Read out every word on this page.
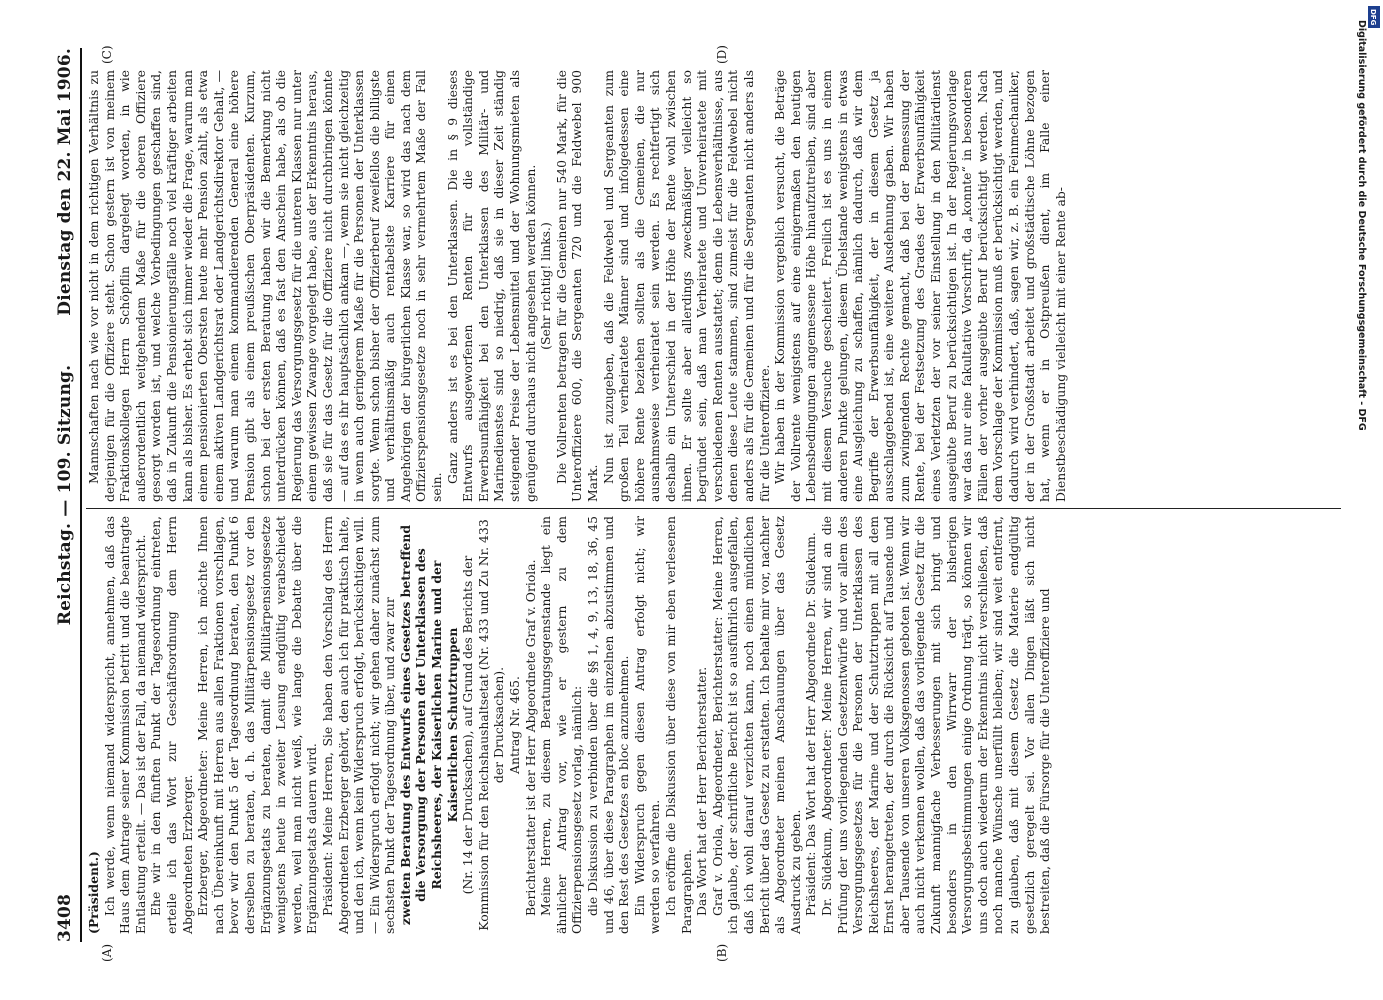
3408
Reichstag. — 109. Sitzung.
Dienstag den 22. Mai 1906.
(A)	(B)
(C)	(D)

(Präsident.) Ich werde, wenn niemand widerspricht, annehmen, daß das Haus dem Antrage seiner Kommission betritt und die beantragte Entlastung erteilt. — Das ist der Fall, da niemand widerspricht. Ehe wir in den fünften Punkt der Tagesordnung eintreten, erteile ich das Wort zur Geschäftsordnung dem Herrn Abgeordneten Erzberger. Erzberger, Abgeordneter: Meine Herren, ich möchte Ihnen nach Übereinkunft mit Herren aus allen Fraktionen vorschlagen, bevor wir den Punkt 5 der Tagesordnung beraten, den Punkt 6 derselben zu beraten, d. h. das Militärpensionsgesetz vor den Ergänzungsetats zu beraten, damit die Militärpensionsgesetze wenigstens heute in zweiter Lesung endgültig verabschiedet werden, weil man nicht weiß, wie lange die Debatte über die Ergänzungsetats dauern wird. Präsident: Meine Herren, Sie haben den Vorschlag des Herrn Abgeordneten Erzberger gehört, den auch ich für praktisch halte, und den ich, wenn kein Widerspruch erfolgt, berücksichtigen will. — Ein Widerspruch erfolgt nicht; wir gehen daher zunächst zum sechsten Punkt der Tagesordnung über, und zwar zur zweiten Beratung des Entwurfs eines Gesetzes betreffend die Versorgung der Personen der Unterklassen des Reichsheeres, der Kaiserlichen Marine und der Kaiserlichen Schutztruppen (Nr. 14 der Drucksachen), auf Grund des Berichts der Kommission für den Reichshaushaltsetat (Nr. 433 und Zu Nr. 433 der Drucksachen). Antrag Nr. 465. Berichterstatter ist der Herr Abgeordnete Graf v. Oriola. Meine Herren, zu diesem Beratungsgegenstande liegt ein ähnlicher Antrag vor, wie er gestern zu dem Offizierpensionsgesetz vorlag, nämlich: die Diskussion zu verbinden über die §§ 1, 4, 9, 13, 18, 36, 45 und 46, über diese Paragraphen im einzelnen abzustimmen und den Rest des Gesetzes en bloc anzunehmen. Ein Widerspruch gegen diesen Antrag erfolgt nicht; wir werden so verfahren. Ich eröffne die Diskussion über diese von mir eben verlesenen Paragraphen. Das Wort hat der Herr Berichterstatter. Graf v. Oriola, Abgeordneter, Berichterstatter: Meine Herren, ich glaube, der schriftliche Bericht ist so ausführlich ausgefallen, daß ich wohl darauf verzichten kann, noch einen mündlichen Bericht über das Gesetz zu erstatten. Ich behalte mir vor, nachher als Abgeordneter meinen Anschauungen über das Gesetz Ausdruck zu geben. Präsident: Das Wort hat der Herr Abgeordnete Dr. Südekum. Dr. Südekum, Abgeordneter: Meine Herren, wir sind an die Prüfung der uns vorliegenden Gesetzentwürfe und vor allem des Versorgungsgesetzes für die Personen der Unterklassen des Reichsheeres, der Marine und der Schutztruppen mit all dem Ernst herangetreten, der durch die Rücksicht auf Tausende und aber Tausende von unseren Volksgenossen geboten ist. Wenn wir auch nicht verkennen wollen, daß das vorliegende Gesetz für die Zukunft mannigfache Verbesserungen mit sich bringt und besonders in den Wirrwarr der bisherigen Versorgungsbestimmungen einige Ordnung trägt, so können wir uns doch auch wiederum der Erkenntnis nicht verschließen, daß noch manche Wünsche unerfüllt bleiben; wir sind weit entfernt, zu glauben, daß mit diesem Gesetz die Materie endgültig gesetzlich geregelt sei. Vor allen Dingen läßt sich nicht bestreiten, daß die Fürsorge für die Unteroffiziere und

Mannschaften nach wie vor nicht in dem richtigen Verhältnis zu derjenigen für die Offiziere steht. Schon gestern ist von meinem Fraktionskollegen Herrn Schöpflin dargelegt worden, in wie außerordentlich weitgehendem Maße für die oberen Offiziere gesorgt worden ist, und welche Vorbedingungen geschaffen sind, daß in Zukunft die Pensionierungsfälle noch viel kräftiger arbeiten kann als bisher. Es erhebt sich immer wieder die Frage, warum man einem pensionierten Obersten heute mehr Pension zahlt, als etwa einem aktiven Landgerichtsrat oder Landgerichtsdirektor Gehalt, — und warum man einem kommandierenden General eine höhere Pension gibt als einem preußischen Oberpräsidenten. Kurzum, schon bei der ersten Beratung haben wir die Bemerkung nicht unterdrücken können, daß es fast den Anschein habe, als ob die Regierung das Versorgungsgesetz für die unteren Klassen nur unter einem gewissen Zwange vorgelegt habe, aus der Erkenntnis heraus, daß sie für das Gesetz für die Offiziere nicht durchbringen könnte — auf das es ihr hauptsächlich ankam —, wenn sie nicht gleichzeitig in wenn auch geringerem Maße für die Personen der Unterklassen sorgte. Wenn schon bisher der Offizierberuf zweifellos die billigste und verhältnismäßig auch rentabelste Karriere für einen Angehörigen der bürgerlichen Klasse war, so wird das nach dem Offizierspensionsgesetze noch in sehr vermehrtem Maße der Fall sein.

Ganz anders ist es bei den Unterklassen. Die in § 9 dieses Entwurfs ausgeworfenen Renten für die vollständige Erwerbsunfähigkeit bei den Unterklassen des Militär- und Marinedienstes sind so niedrig, daß sie in dieser Zeit ständig steigender Preise der Lebensmittel und der Wohnungsmieten als genügend durchaus nicht angesehen werden können. (Sehr richtig! links.) Die Vollrenten betragen für die Gemeinen nur 540 Mark, für die Unteroffiziere 600, die Sergeanten 720 und die Feldwebel 900 Mark. Nun ist zuzugeben, daß die Feldwebel und Sergeanten zum großen Teil verheiratete Männer sind und infolgedessen eine höhere Rente beziehen sollten als die Gemeinen, die nur ausnahmsweise verheiratet sein werden. Es rechtfertigt sich deshalb ein Unterschied in der Höhe der Rente wohl zwischen ihnen. Er sollte aber allerdings zweckmäßiger vielleicht so begründet sein, daß man Verheiratete und Unverheiratete mit verschiedenen Renten ausstattet; denn die Lebensverhältnisse, aus denen diese Leute stammen, sind zumeist für die Feldwebel nicht anders als für die Gemeinen und für die Sergeanten nicht anders als für die Unteroffiziere. Wir haben in der Kommission vergeblich versucht, die Beträge der Vollrente wenigstens auf eine einigermaßen den heutigen Lebensbedingungen angemessene Höhe hinaufzutreiben, sind aber mit diesem Versuche gescheitert. Freilich ist es uns in einem anderen Punkte gelungen, diesem Übelstande wenigstens in etwas eine Ausgleichung zu schaffen, nämlich dadurch, daß wir dem Begriffe der Erwerbsunfähigkeit, der in diesem Gesetz ja ausschlaggebend ist, eine weitere Ausdehnung gaben. Wir haben zum zwingenden Rechte gemacht, daß bei der Bemessung der Rente, bei der Festsetzung des Grades der Erwerbsunfähigkeit eines Verletzten der vor seiner Einstellung in den Militärdienst ausgeübte Beruf zu berücksichtigen ist. In der Regierungsvorlage war das nur eine fakultative Vorschrift, da „konnte“ in besonderen Fällen der vorher ausgeübte Beruf berücksichtigt werden. Nach dem Vorschlage der Kommission muß er berücksichtigt werden, und dadurch wird verhindert, daß, sagen wir, z. B. ein Feinmechaniker, der in der Großstadt arbeitet und großstädtische Löhne bezogen hat, wenn er in Ostpreußen dient, im Falle einer Dienstbeschädigung vielleicht mit einer Rente ab-	Digitalisierung gefördert durch die Deutsche Forschungsgemeinschaft - DFG
DFG
